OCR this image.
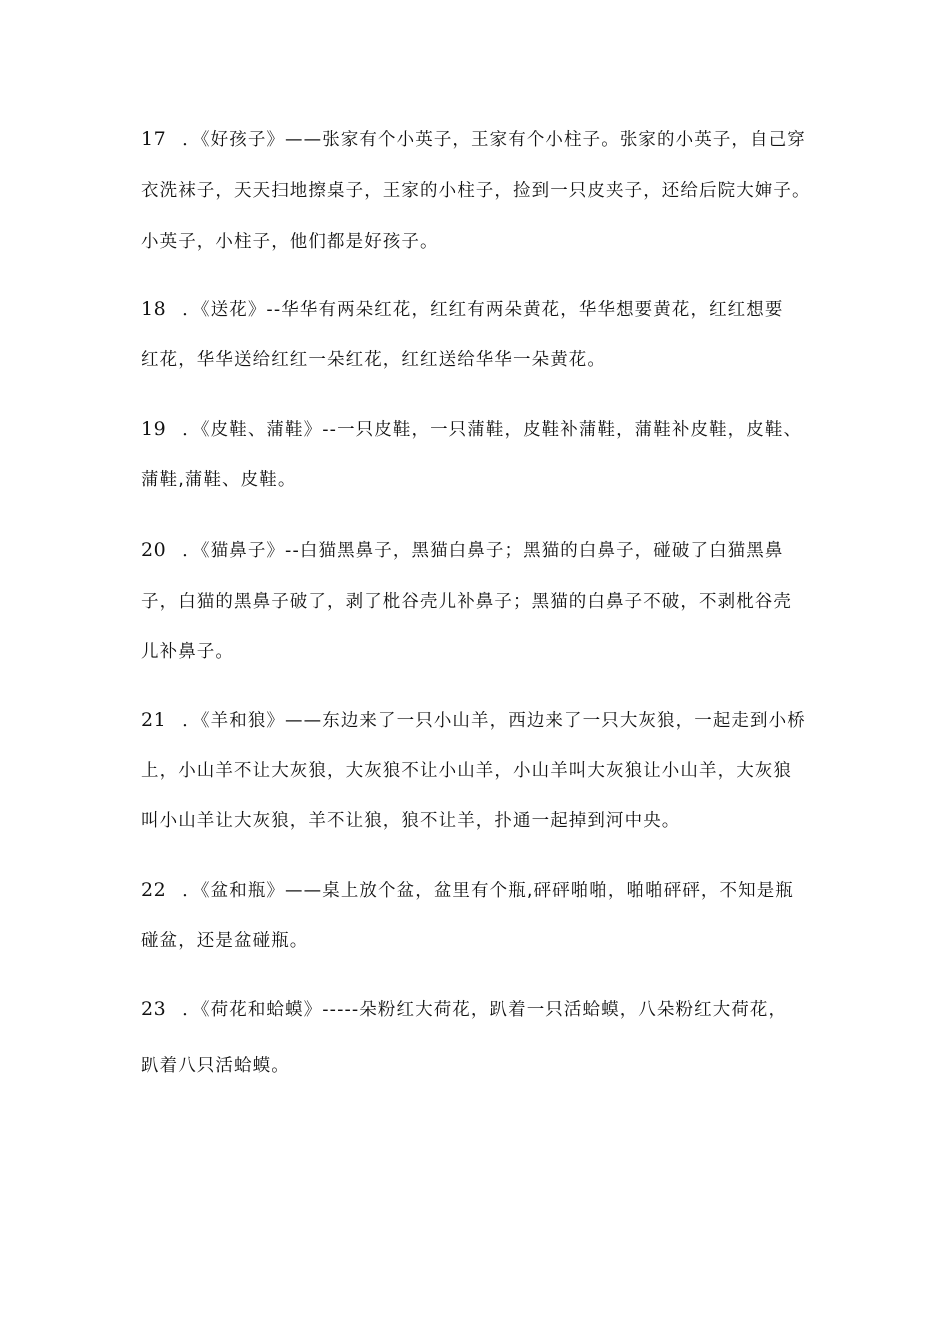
17 ．《好孩子》——张家有个小英子，王家有个小柱子。张家的小英子，自己穿
衣洗袜子，天天扫地擦桌子，王家的小柱子，捡到一只皮夹子，还给后院大婶子。
小英子，小柱子，他们都是好孩子。
18 ．《送花》--华华有两朵红花，红红有两朵黄花，华华想要黄花，红红想要
红花，华华送给红红一朵红花，红红送给华华一朵黄花。
19 ．《皮鞋、蒲鞋》--一只皮鞋，一只蒲鞋，皮鞋补蒲鞋，蒲鞋补皮鞋，皮鞋、
蒲鞋,蒲鞋、皮鞋。
20 ．《猫鼻子》--白猫黑鼻子，黑猫白鼻子；黑猫的白鼻子，碰破了白猫黑鼻
子，白猫的黑鼻子破了，剥了枇谷壳儿补鼻子；黑猫的白鼻子不破，不剥枇谷壳
儿补鼻子。
21 ．《羊和狼》——东边来了一只小山羊，西边来了一只大灰狼，一起走到小桥
上，小山羊不让大灰狼，大灰狼不让小山羊，小山羊叫大灰狼让小山羊，大灰狼
叫小山羊让大灰狼，羊不让狼，狼不让羊，扑通一起掉到河中央。
22 ．《盆和瓶》——桌上放个盆，盆里有个瓶,砰砰啪啪，啪啪砰砰，不知是瓶
碰盆，还是盆碰瓶。
23 ．《荷花和蛤蟆》-----朵粉红大荷花，趴着一只活蛤蟆，八朵粉红大荷花，
趴着八只活蛤蟆。
